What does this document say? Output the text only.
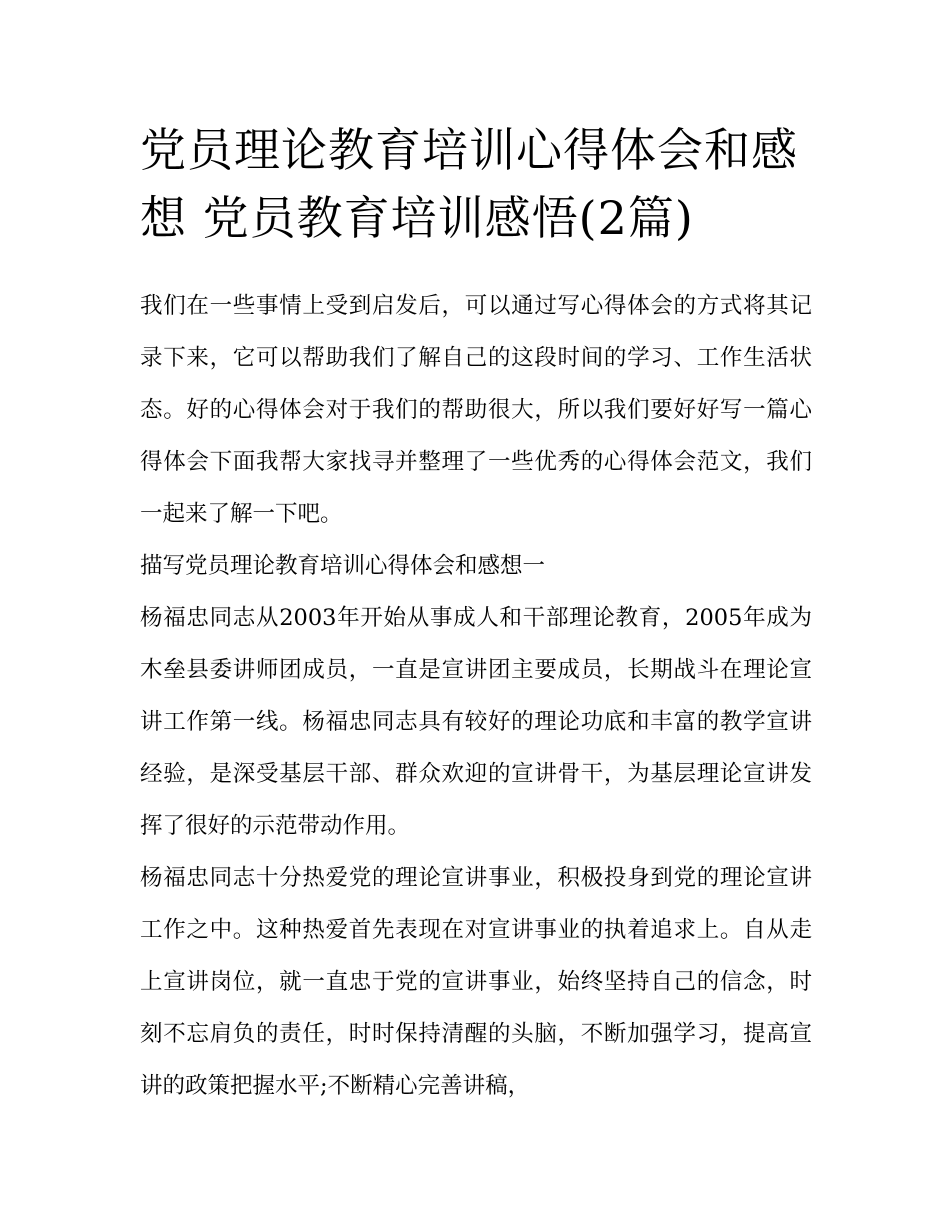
党员理论教育培训心得体会和感想 党员教育培训感悟(2篇)

我们在一些事情上受到启发后，可以通过写心得体会的方式将其记录下来，它可以帮助我们了解自己的这段时间的学习、工作生活状态。好的心得体会对于我们的帮助很大，所以我们要好好写一篇心得体会下面我帮大家找寻并整理了一些优秀的心得体会范文，我们一起来了解一下吧。

描写党员理论教育培训心得体会和感想一

杨福忠同志从2003年开始从事成人和干部理论教育，2005年成为木垒县委讲师团成员，一直是宣讲团主要成员，长期战斗在理论宣讲工作第一线。杨福忠同志具有较好的理论功底和丰富的教学宣讲经验，是深受基层干部、群众欢迎的宣讲骨干，为基层理论宣讲发挥了很好的示范带动作用。

杨福忠同志十分热爱党的理论宣讲事业，积极投身到党的理论宣讲工作之中。这种热爱首先表现在对宣讲事业的执着追求上。自从走上宣讲岗位，就一直忠于党的宣讲事业，始终坚持自己的信念，时刻不忘肩负的责任，时时保持清醒的头脑，不断加强学习，提高宣讲的政策把握水平;不断精心完善讲稿，
